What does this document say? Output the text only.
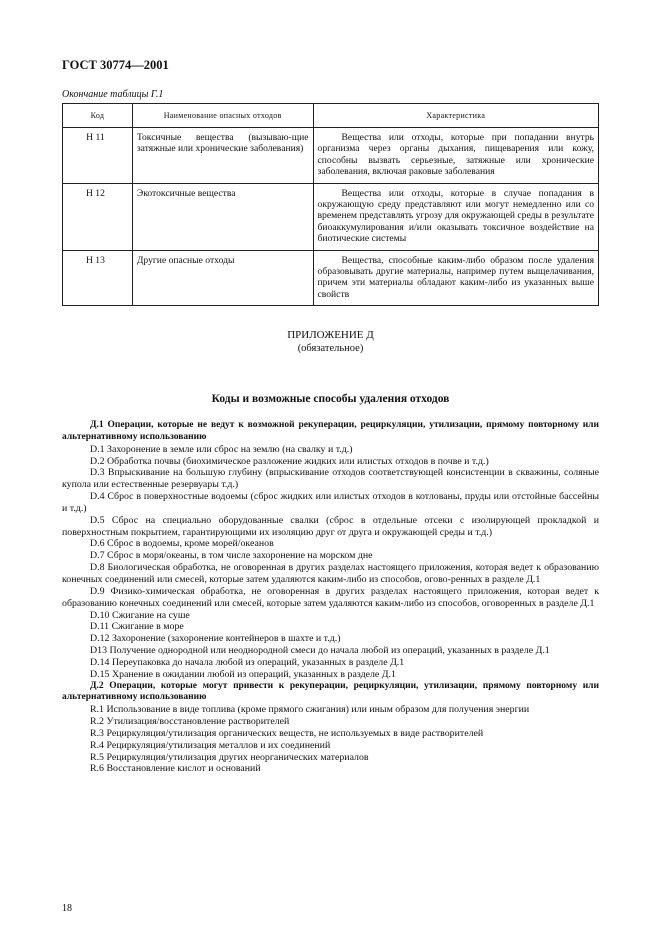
ГОСТ 30774—2001
Окончание таблицы Г.1
Код	Наименование опасных отходов	Характеристика
Н 11	Токсичные вещества (вызываю-щие затяжные или хронические заболевания)	Вещества или отходы, которые при попадании внутрь организма через органы дыхания, пищеварения или кожу, способны вызвать серьезные, затяжные или хронические заболевания, включая раковые заболевания
Н 12	Экотоксичные вещества	Вещества или отходы, которые в случае попадания в окружающую среду представляют или могут немедленно или со временем представлять угрозу для окружающей среды в результате биоаккумулирования и/или оказывать токсичное воздействие на биотические системы
Н 13	Другие опасные отходы	Вещества, способные каким-либо образом после удаления образовывать другие материалы, например путем выщелачивания, причем эти материалы обладают каким-либо из указанных выше свойств
ПРИЛОЖЕНИЕ Д
(обязательное)
Коды и возможные способы удаления отходов

Д.1 Операции, которые не ведут к возможной рекуперации, рециркуляции, утилизации, прямому повторному или альтернативному использованию

D.1 Захоронение в земле или сброс на землю (на свалку и т.д.)

D.2 Обработка почвы (биохимическое разложение жидких или илистых отходов в почве и т.д.)

D.3 Впрыскивание на большую глубину (впрыскивание отходов соответствующей консистенции в скважины, соляные купола или естественные резервуары т.д.)

D.4 Сброс в поверхностные водоемы (сброс жидких или илистых отходов в котлованы, пруды или отстойные бассейны и т.д.)

D.5 Сброс на специально оборудованные свалки (сброс в отдельные отсеки с изолирующей прокладкой и поверхностным покрытием, гарантирующими их изоляцию друг от друга и окружающей среды и т.д.)

D.6 Сброс в водоемы, кроме морей/океанов

D.7 Сброс в моря/океаны, в том числе захоронение на морском дне

D.8 Биологическая обработка, не оговоренная в других разделах настоящего приложения, которая ведет к образованию конечных соединений или смесей, которые затем удаляются каким-либо из способов, огово-ренных в разделе Д.1

D.9 Физико-химическая обработка, не оговоренная в других разделах настоящего приложения, которая ведет к образованию конечных соединений или смесей, которые затем удаляются каким-либо из способов, оговоренных в разделе Д.1

D.10 Сжигание на суше

D.11 Сжигание в море

D.12 Захоронение (захоронение контейнеров в шахте и т.д.)

D13 Получение однородной или неоднородной смеси до начала любой из операций, указанных в разделе Д.1

D.14 Переупаковка до начала любой из операций, указанных в разделе Д.1

D.15 Хранение в ожидании любой из операций, указанных в разделе Д.1

Д.2 Операции, которые могут привести к рекуперации, рециркуляции, утилизации, прямому повторному или альтернативному использованию

R.1 Использование в виде топлива (кроме прямого сжигания) или иным образом для получения энергии

R.2 Утилизация/восстановление растворителей

R.3 Рециркуляция/утилизация органических веществ, не используемых в виде растворителей

R.4 Рециркуляция/утилизация металлов и их соединений

R.5 Рециркуляция/утилизация других неорганических материалов

R.6 Восстановление кислот и оснований

18
